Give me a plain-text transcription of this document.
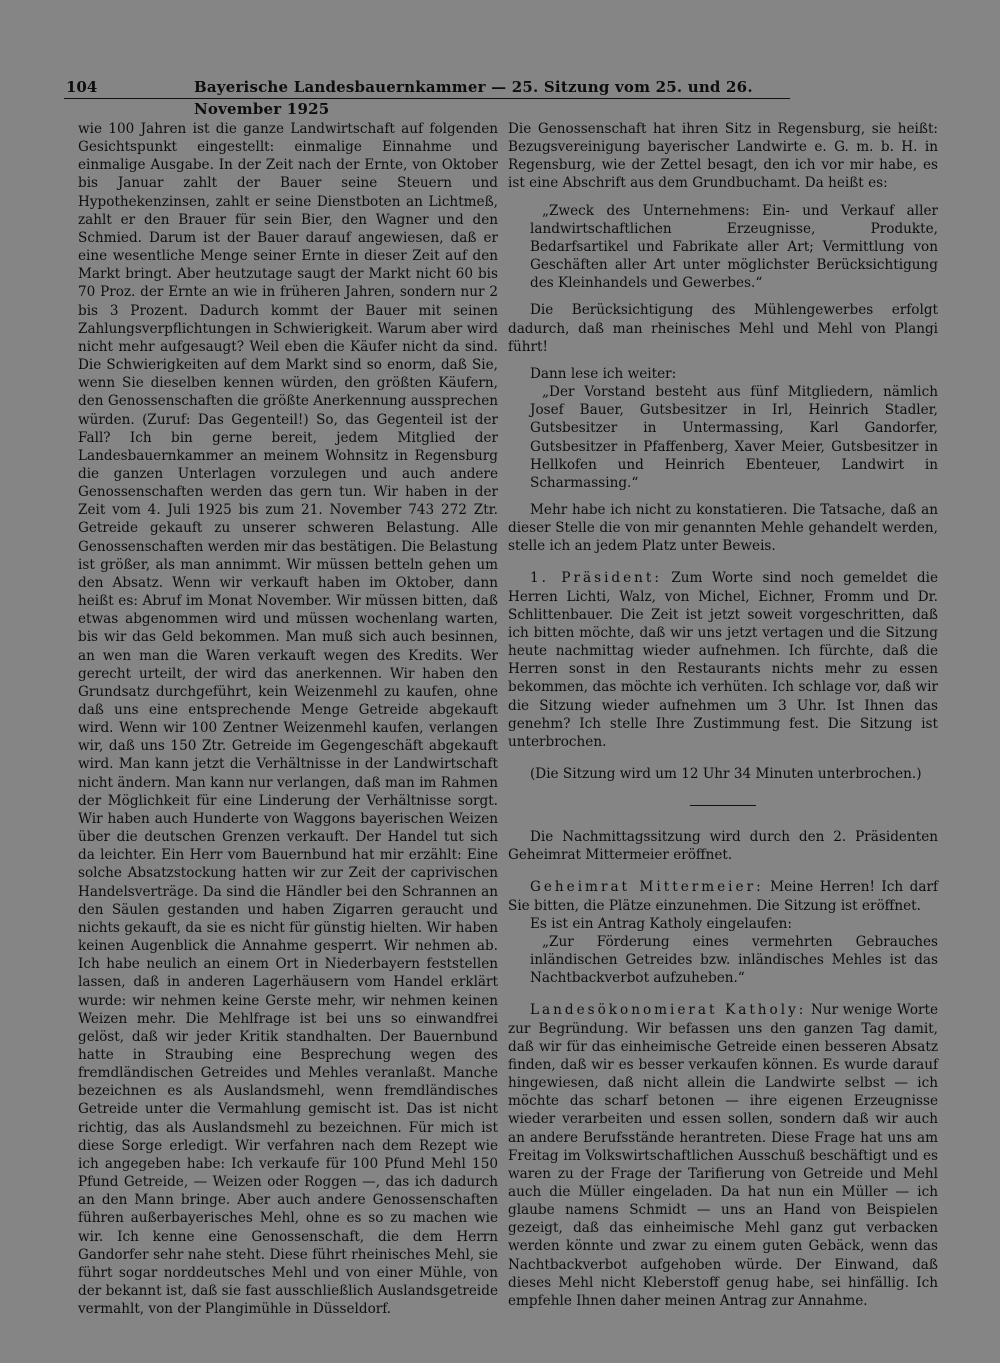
104	Bayerische Landesbauernkammer — 25. Sitzung vom 25. und 26. November 1925

wie 100 Jahren ist die ganze Landwirtschaft auf folgenden Gesichtspunkt eingestellt: einmalige Einnahme und einmalige Ausgabe. In der Zeit nach der Ernte, von Oktober bis Januar zahlt der Bauer seine Steuern und Hypothekenzinsen, zahlt er seine Dienstboten an Lichtmeß, zahlt er den Brauer für sein Bier, den Wagner und den Schmied. Darum ist der Bauer darauf angewiesen, daß er eine wesentliche Menge seiner Ernte in dieser Zeit auf den Markt bringt. Aber heutzutage saugt der Markt nicht 60 bis 70 Proz. der Ernte an wie in früheren Jahren, sondern nur 2 bis 3 Prozent. Dadurch kommt der Bauer mit seinen Zahlungsverpflichtungen in Schwierigkeit. Warum aber wird nicht mehr aufgesaugt? Weil eben die Käufer nicht da sind. Die Schwierigkeiten auf dem Markt sind so enorm, daß Sie, wenn Sie dieselben kennen würden, den größten Käufern, den Genossenschaften die größte Anerkennung aussprechen würden. (Zuruf: Das Gegenteil!) So, das Gegenteil ist der Fall? Ich bin gerne bereit, jedem Mitglied der Landesbauernkammer an meinem Wohnsitz in Regensburg die ganzen Unterlagen vorzulegen und auch andere Genossenschaften werden das gern tun. Wir haben in der Zeit vom 4. Juli 1925 bis zum 21. November 743 272 Ztr. Getreide gekauft zu unserer schweren Belastung. Alle Genossenschaften werden mir das bestätigen. Die Belastung ist größer, als man annimmt. Wir müssen betteln gehen um den Absatz. Wenn wir verkauft haben im Oktober, dann heißt es: Abruf im Monat November. Wir müssen bitten, daß etwas abgenommen wird und müssen wochenlang warten, bis wir das Geld bekommen. Man muß sich auch besinnen, an wen man die Waren verkauft wegen des Kredits. Wer gerecht urteilt, der wird das anerkennen. Wir haben den Grundsatz durchgeführt, kein Weizenmehl zu kaufen, ohne daß uns eine entsprechende Menge Getreide abgekauft wird. Wenn wir 100 Zentner Weizenmehl kaufen, verlangen wir, daß uns 150 Ztr. Getreide im Gegengeschäft abgekauft wird. Man kann jetzt die Verhältnisse in der Landwirtschaft nicht ändern. Man kann nur verlangen, daß man im Rahmen der Möglichkeit für eine Linderung der Verhältnisse sorgt. Wir haben auch Hunderte von Waggons bayerischen Weizen über die deutschen Grenzen verkauft. Der Handel tut sich da leichter. Ein Herr vom Bauernbund hat mir erzählt: Eine solche Absatzstockung hatten wir zur Zeit der caprivischen Handelsverträge. Da sind die Händler bei den Schrannen an den Säulen gestanden und haben Zigarren geraucht und nichts gekauft, da sie es nicht für günstig hielten. Wir haben keinen Augenblick die Annahme gesperrt. Wir nehmen ab. Ich habe neulich an einem Ort in Niederbayern feststellen lassen, daß in anderen Lagerhäusern vom Handel erklärt wurde: wir nehmen keine Gerste mehr, wir nehmen keinen Weizen mehr. Die Mehlfrage ist bei uns so einwandfrei gelöst, daß wir jeder Kritik standhalten. Der Bauernbund hatte in Straubing eine Besprechung wegen des fremdländischen Getreides und Mehles veranlaßt. Manche bezeichnen es als Auslandsmehl, wenn fremdländisches Getreide unter die Vermahlung gemischt ist. Das ist nicht richtig, das als Auslandsmehl zu bezeichnen. Für mich ist diese Sorge erledigt. Wir verfahren nach dem Rezept wie ich angegeben habe: Ich verkaufe für 100 Pfund Mehl 150 Pfund Getreide, — Weizen oder Roggen —, das ich dadurch an den Mann bringe. Aber auch andere Genossenschaften führen außerbayerisches Mehl, ohne es so zu machen wie wir. Ich kenne eine Genossenschaft, die dem Herrn Gandorfer sehr nahe steht. Diese führt rheinisches Mehl, sie führt sogar norddeutsches Mehl und von einer Mühle, von der bekannt ist, daß sie fast ausschließlich Auslandsgetreide vermahlt, von der Plangimühle in Düsseldorf.

Die Genossenschaft hat ihren Sitz in Regensburg, sie heißt: Bezugsvereinigung bayerischer Landwirte e. G. m. b. H. in Regensburg, wie der Zettel besagt, den ich vor mir habe, es ist eine Abschrift aus dem Grundbuchamt. Da heißt es:

„Zweck des Unternehmens: Ein- und Verkauf aller landwirtschaftlichen Erzeugnisse, Produkte, Bedarfsartikel und Fabrikate aller Art; Vermittlung von Geschäften aller Art unter möglichster Berücksichtigung des Kleinhandels und Gewerbes.“

Die Berücksichtigung des Mühlengewerbes erfolgt dadurch, daß man rheinisches Mehl und Mehl von Plangi führt!

Dann lese ich weiter:

„Der Vorstand besteht aus fünf Mitgliedern, nämlich Josef Bauer, Gutsbesitzer in Irl, Heinrich Stadler, Gutsbesitzer in Untermassing, Karl Gandorfer, Gutsbesitzer in Pfaffenberg, Xaver Meier, Gutsbesitzer in Hellkofen und Heinrich Ebenteuer, Landwirt in Scharmassing.“

Mehr habe ich nicht zu konstatieren. Die Tatsache, daß an dieser Stelle die von mir genannten Mehle gehandelt werden, stelle ich an jedem Platz unter Beweis.

1. Präsident: Zum Worte sind noch gemeldet die Herren Lichti, Walz, von Michel, Eichner, Fromm und Dr. Schlittenbauer. Die Zeit ist jetzt soweit vorgeschritten, daß ich bitten möchte, daß wir uns jetzt vertagen und die Sitzung heute nachmittag wieder aufnehmen. Ich fürchte, daß die Herren sonst in den Restaurants nichts mehr zu essen bekommen, das möchte ich verhüten. Ich schlage vor, daß wir die Sitzung wieder aufnehmen um 3 Uhr. Ist Ihnen das genehm? Ich stelle Ihre Zustimmung fest. Die Sitzung ist unterbrochen.

(Die Sitzung wird um 12 Uhr 34 Minuten unterbrochen.)

Die Nachmittagssitzung wird durch den 2. Präsidenten Geheimrat Mittermeier eröffnet.

Geheimrat Mittermeier: Meine Herren! Ich darf Sie bitten, die Plätze einzunehmen. Die Sitzung ist eröffnet.

Es ist ein Antrag Katholy eingelaufen:

„Zur Förderung eines vermehrten Gebrauches inländischen Getreides bzw. inländisches Mehles ist das Nachtbackverbot aufzuheben.“

Landesökonomierat Katholy: Nur wenige Worte zur Begründung. Wir befassen uns den ganzen Tag damit, daß wir für das einheimische Getreide einen besseren Absatz finden, daß wir es besser verkaufen können. Es wurde darauf hingewiesen, daß nicht allein die Landwirte selbst — ich möchte das scharf betonen — ihre eigenen Erzeugnisse wieder verarbeiten und essen sollen, sondern daß wir auch an andere Berufsstände herantreten. Diese Frage hat uns am Freitag im Volkswirtschaftlichen Ausschuß beschäftigt und es waren zu der Frage der Tarifierung von Getreide und Mehl auch die Müller eingeladen. Da hat nun ein Müller — ich glaube namens Schmidt — uns an Hand von Beispielen gezeigt, daß das einheimische Mehl ganz gut verbacken werden könnte und zwar zu einem guten Gebäck, wenn das Nachtbackverbot aufgehoben würde. Der Einwand, daß dieses Mehl nicht Kleberstoff genug habe, sei hinfällig. Ich empfehle Ihnen daher meinen Antrag zur Annahme.
